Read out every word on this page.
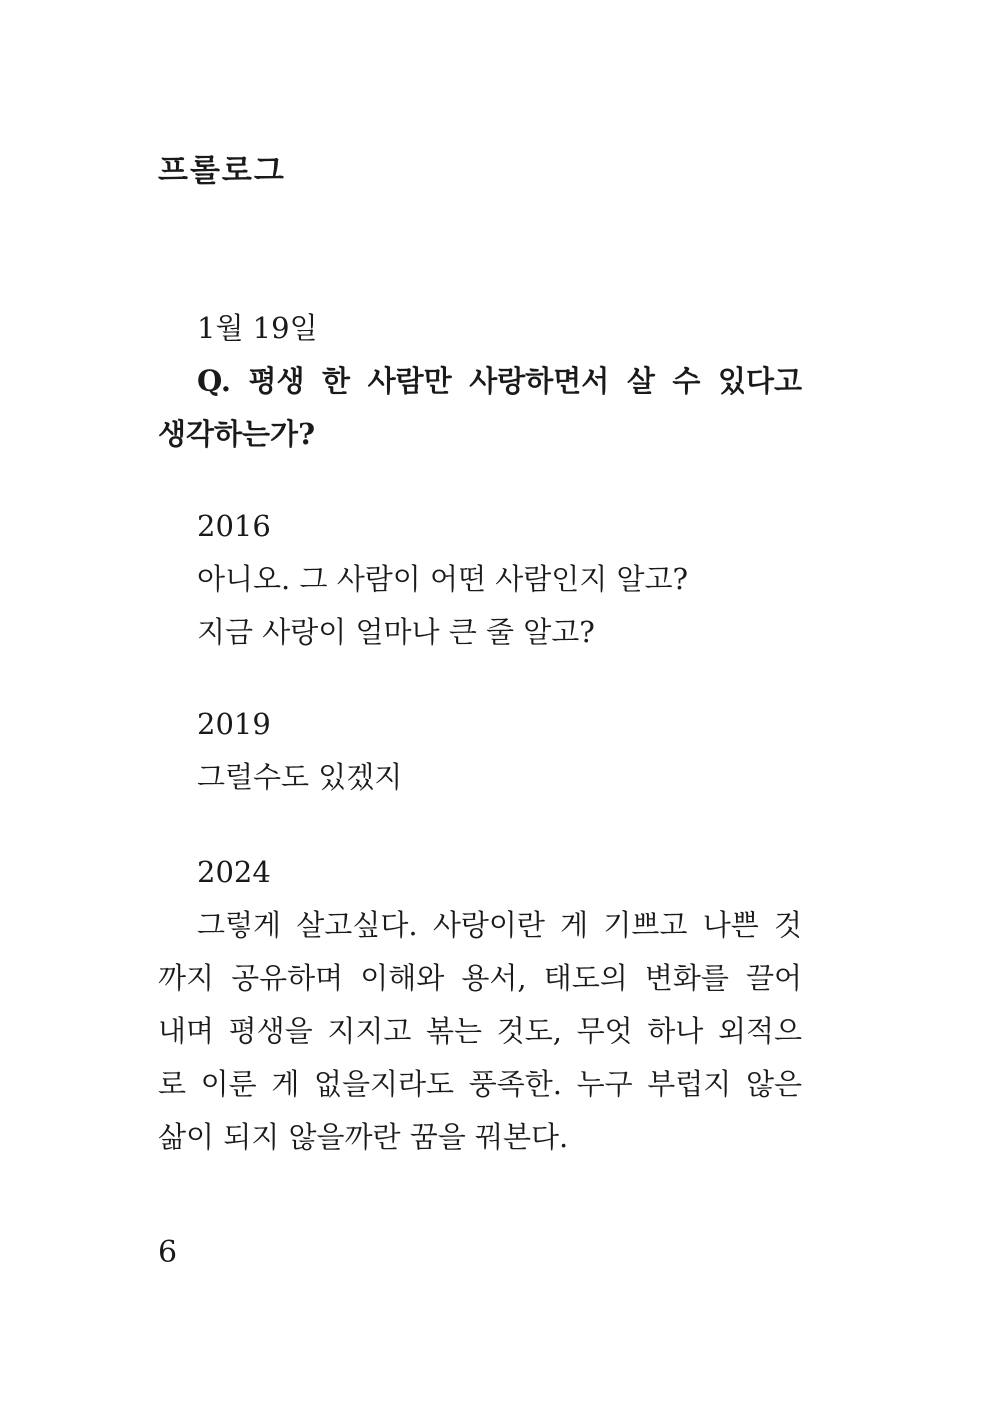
프롤로그
1월 19일
Q. 평생 한 사람만 사랑하면서 살 수 있다고
생각하는가?
2016
아니오. 그 사람이 어떤 사람인지 알고?
지금 사랑이 얼마나 큰 줄 알고?
2019
그럴수도 있겠지
2024
그렇게 살고싶다. 사랑이란 게 기쁘고 나쁜 것
까지 공유하며 이해와 용서, 태도의 변화를 끌어
내며 평생을 지지고 볶는 것도, 무엇 하나 외적으
로 이룬 게 없을지라도 풍족한. 누구 부럽지 않은
삶이 되지 않을까란 꿈을 꿔본다.
6
